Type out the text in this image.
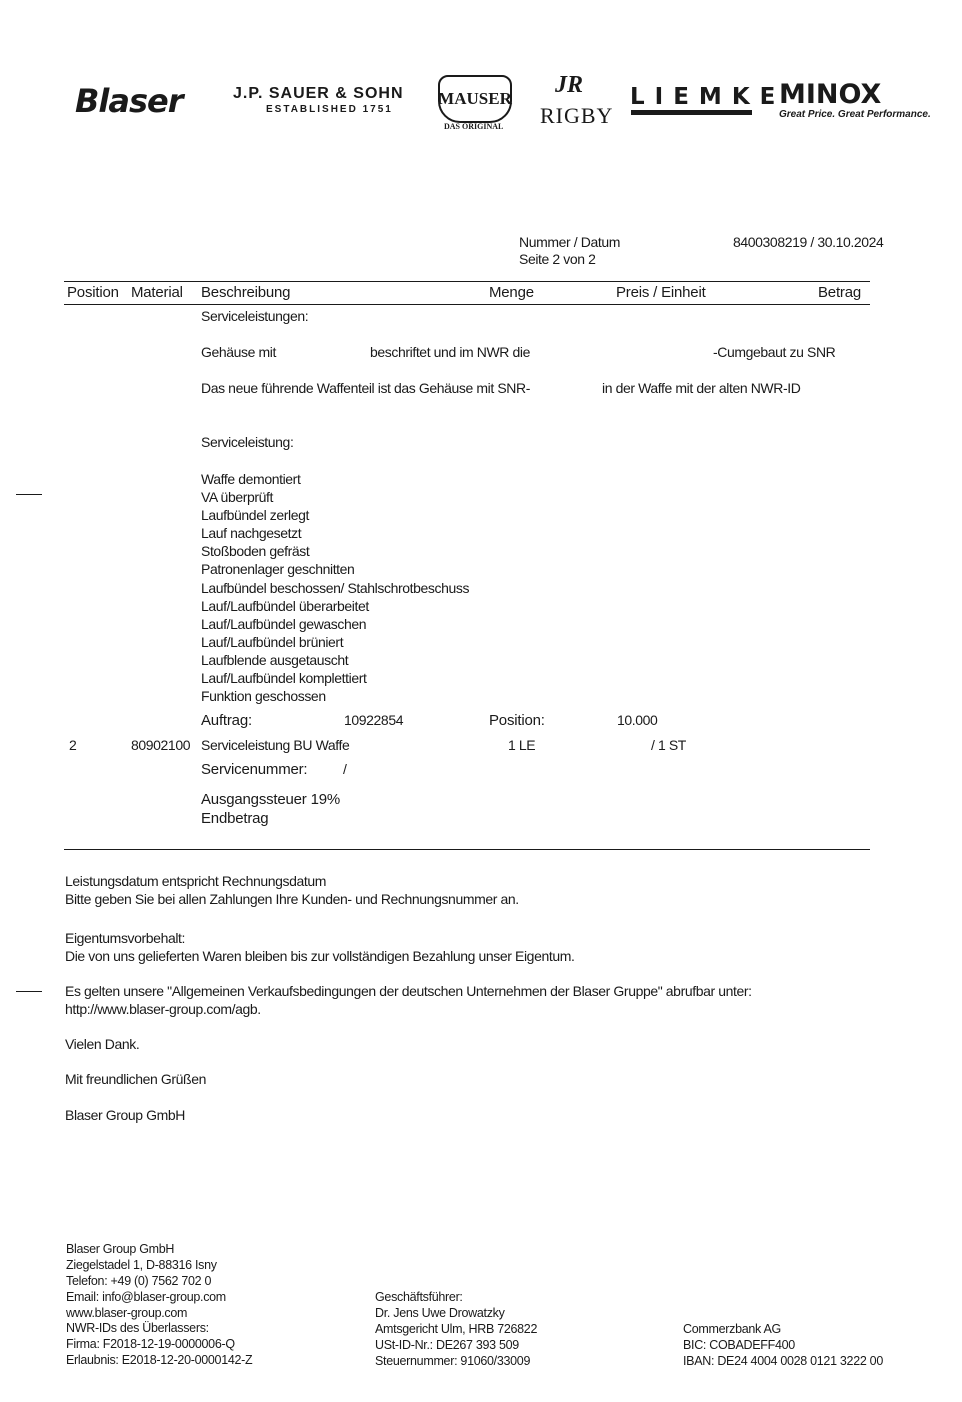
Blaser	J.P. SAUER & SOHN
ESTABLISHED 1751
MAUSER
DAS ORIGINAL
JR
RIGBY
LIEMKE
MINOX
Great Price. Great Performance.
Nummer / Datum	8400308219 / 30.10.2024
Seite 2 von 2
Position Material Beschreibung	Menge	Preis / Einheit	Betrag
Serviceleistungen:
Gehäuse mit	beschriftet und im NWR die	-Cumgebaut zu SNR
Das neue führende Waffenteil ist das Gehäuse mit SNR-	in der Waffe mit der alten NWR-ID
Serviceleistung:
Waffe demontiert
VA überprüft
Laufbündel zerlegt
Lauf nachgesetzt
Stoßboden gefräst
Patronenlager geschnitten
Laufbündel beschossen/ Stahlschrotbeschuss
Lauf/Laufbündel überarbeitet
Lauf/Laufbündel gewaschen
Lauf/Laufbündel brüniert
Laufblende ausgetauscht
Lauf/Laufbündel komplettiert
Funktion geschossen
Auftrag:	10922854	Position:	10.000
2	80902100 Serviceleistung BU Waffe	1 LE	/ 1 ST
Servicenummer:	/
Ausgangssteuer 19%
Endbetrag
Leistungsdatum entspricht Rechnungsdatum
Bitte geben Sie bei allen Zahlungen Ihre Kunden- und Rechnungsnummer an.
Eigentumsvorbehalt:
Die von uns gelieferten Waren bleiben bis zur vollständigen Bezahlung unser Eigentum.
Es gelten unsere "Allgemeinen Verkaufsbedingungen der deutschen Unternehmen der Blaser Gruppe" abrufbar unter:
http://www.blaser-group.com/agb.
Vielen Dank.
Mit freundlichen Grüßen
Blaser Group GmbH
Blaser Group GmbH
Ziegelstadel 1, D-88316 Isny
Telefon: +49 (0) 7562 702 0
Email: info@blaser-group.com
www.blaser-group.com
NWR-IDs des Überlassers:
Firma: F2018-12-19-0000006-Q
Erlaubnis: E2018-12-20-0000142-Z
Geschäftsführer:
Dr. Jens Uwe Drowatzky
Amtsgericht Ulm, HRB 726822
USt-ID-Nr.: DE267 393 509
Steuernummer: 91060/33009
Commerzbank AG
BIC: COBADEFF400
IBAN: DE24 4004 0028 0121 3222 00
